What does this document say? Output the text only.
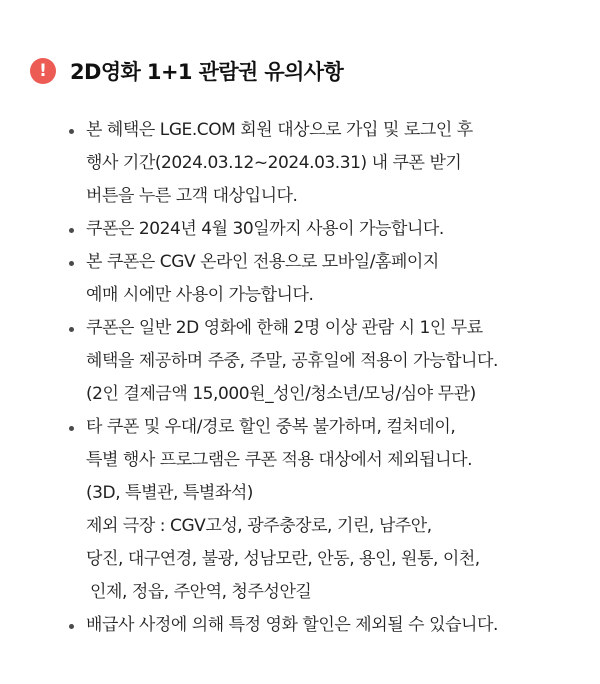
!	2D영화 1+1 관람권 유의사항
본 혜택은 LGE.COM 회원 대상으로 가입 및 로그인 후
행사 기간(2024.03.12~2024.03.31) 내 쿠폰 받기
버튼을 누른 고객 대상입니다.
쿠폰은 2024년 4월 30일까지 사용이 가능합니다.
본 쿠폰은 CGV 온라인 전용으로 모바일/홈페이지
예매 시에만 사용이 가능합니다.
쿠폰은 일반 2D 영화에 한해 2명 이상 관람 시 1인 무료
혜택을 제공하며 주중, 주말, 공휴일에 적용이 가능합니다.
(2인 결제금액 15,000원_성인/청소년/모닝/심야 무관)
타 쿠폰 및 우대/경로 할인 중복 불가하며, 컬처데이,
특별 행사 프로그램은 쿠폰 적용 대상에서 제외됩니다.
(3D, 특별관, 특별좌석)
제외 극장 : CGV고성, 광주충장로, 기린, 남주안,
당진, 대구연경, 불광, 성남모란, 안동, 용인, 원통, 이천,
인제, 정읍, 주안역, 청주성안길
배급사 사정에 의해 특정 영화 할인은 제외될 수 있습니다.
